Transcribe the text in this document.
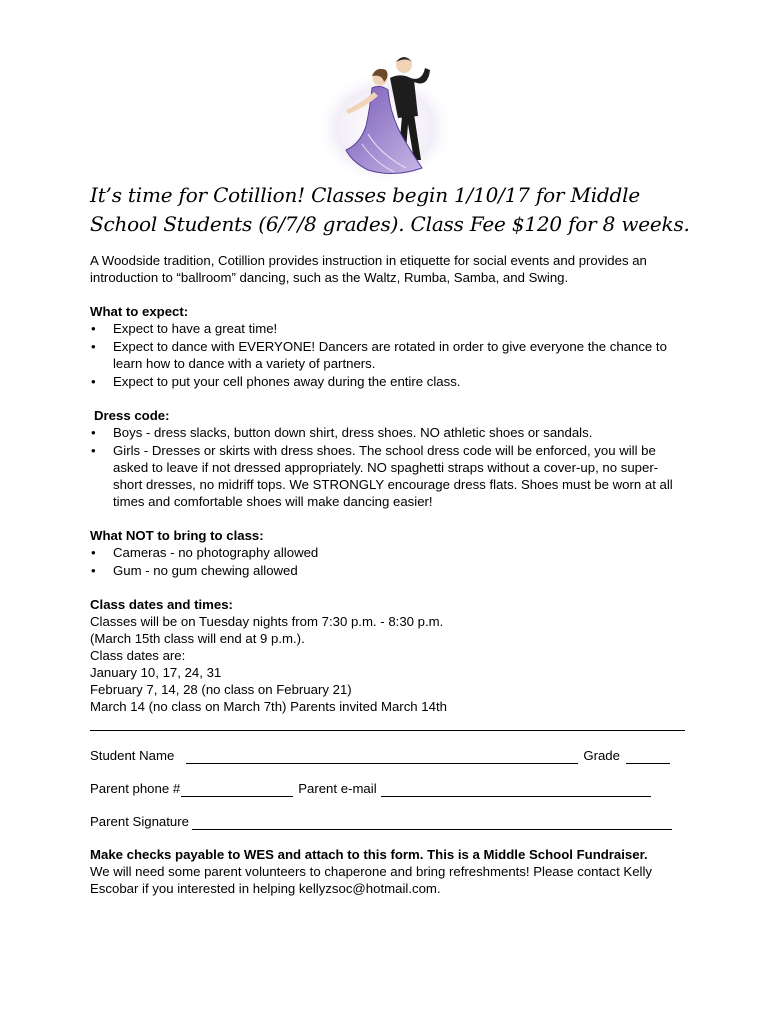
It’s time for Cotillion! Classes begin 1/10/17 for Middle School Students (6/7/8 grades). Class Fee $120 for 8 weeks.

A Woodside tradition, Cotillion provides instruction in etiquette for social events and provides an introduction to “ballroom” dancing, such as the Waltz, Rumba, Samba, and Swing.

What to expect:

• Expect to have a great time!
• Expect to dance with EVERYONE! Dancers are rotated in order to give everyone the chance to learn how to dance with a variety of partners.
• Expect to put your cell phones away during the entire class.

Dress code:

• Boys - dress slacks, button down shirt, dress shoes. NO athletic shoes or sandals.
• Girls - Dresses or skirts with dress shoes. The school dress code will be enforced, you will be asked to leave if not dressed appropriately. NO spaghetti straps without a cover-up, no super-short dresses, no midriff tops. We STRONGLY encourage dress flats. Shoes must be worn at all times and comfortable shoes will make dancing easier!

What NOT to bring to class:

• Cameras - no photography allowed
• Gum - no gum chewing allowed

Class dates and times:

Classes will be on Tuesday nights from 7:30 p.m. - 8:30 p.m.

(March 15th class will end at 9 p.m.).

Class dates are:

January 10, 17, 24, 31

February 7, 14, 28 (no class on February 21)

March 14 (no class on March 7th) Parents invited March 14th

Student Name	Grade
Parent phone #	Parent e-mail
Parent Signature

Make checks payable to WES and attach to this form. This is a Middle School Fundraiser.

We will need some parent volunteers to chaperone and bring refreshments! Please contact Kelly Escobar if you interested in helping kellyzsoc@hotmail.com.
